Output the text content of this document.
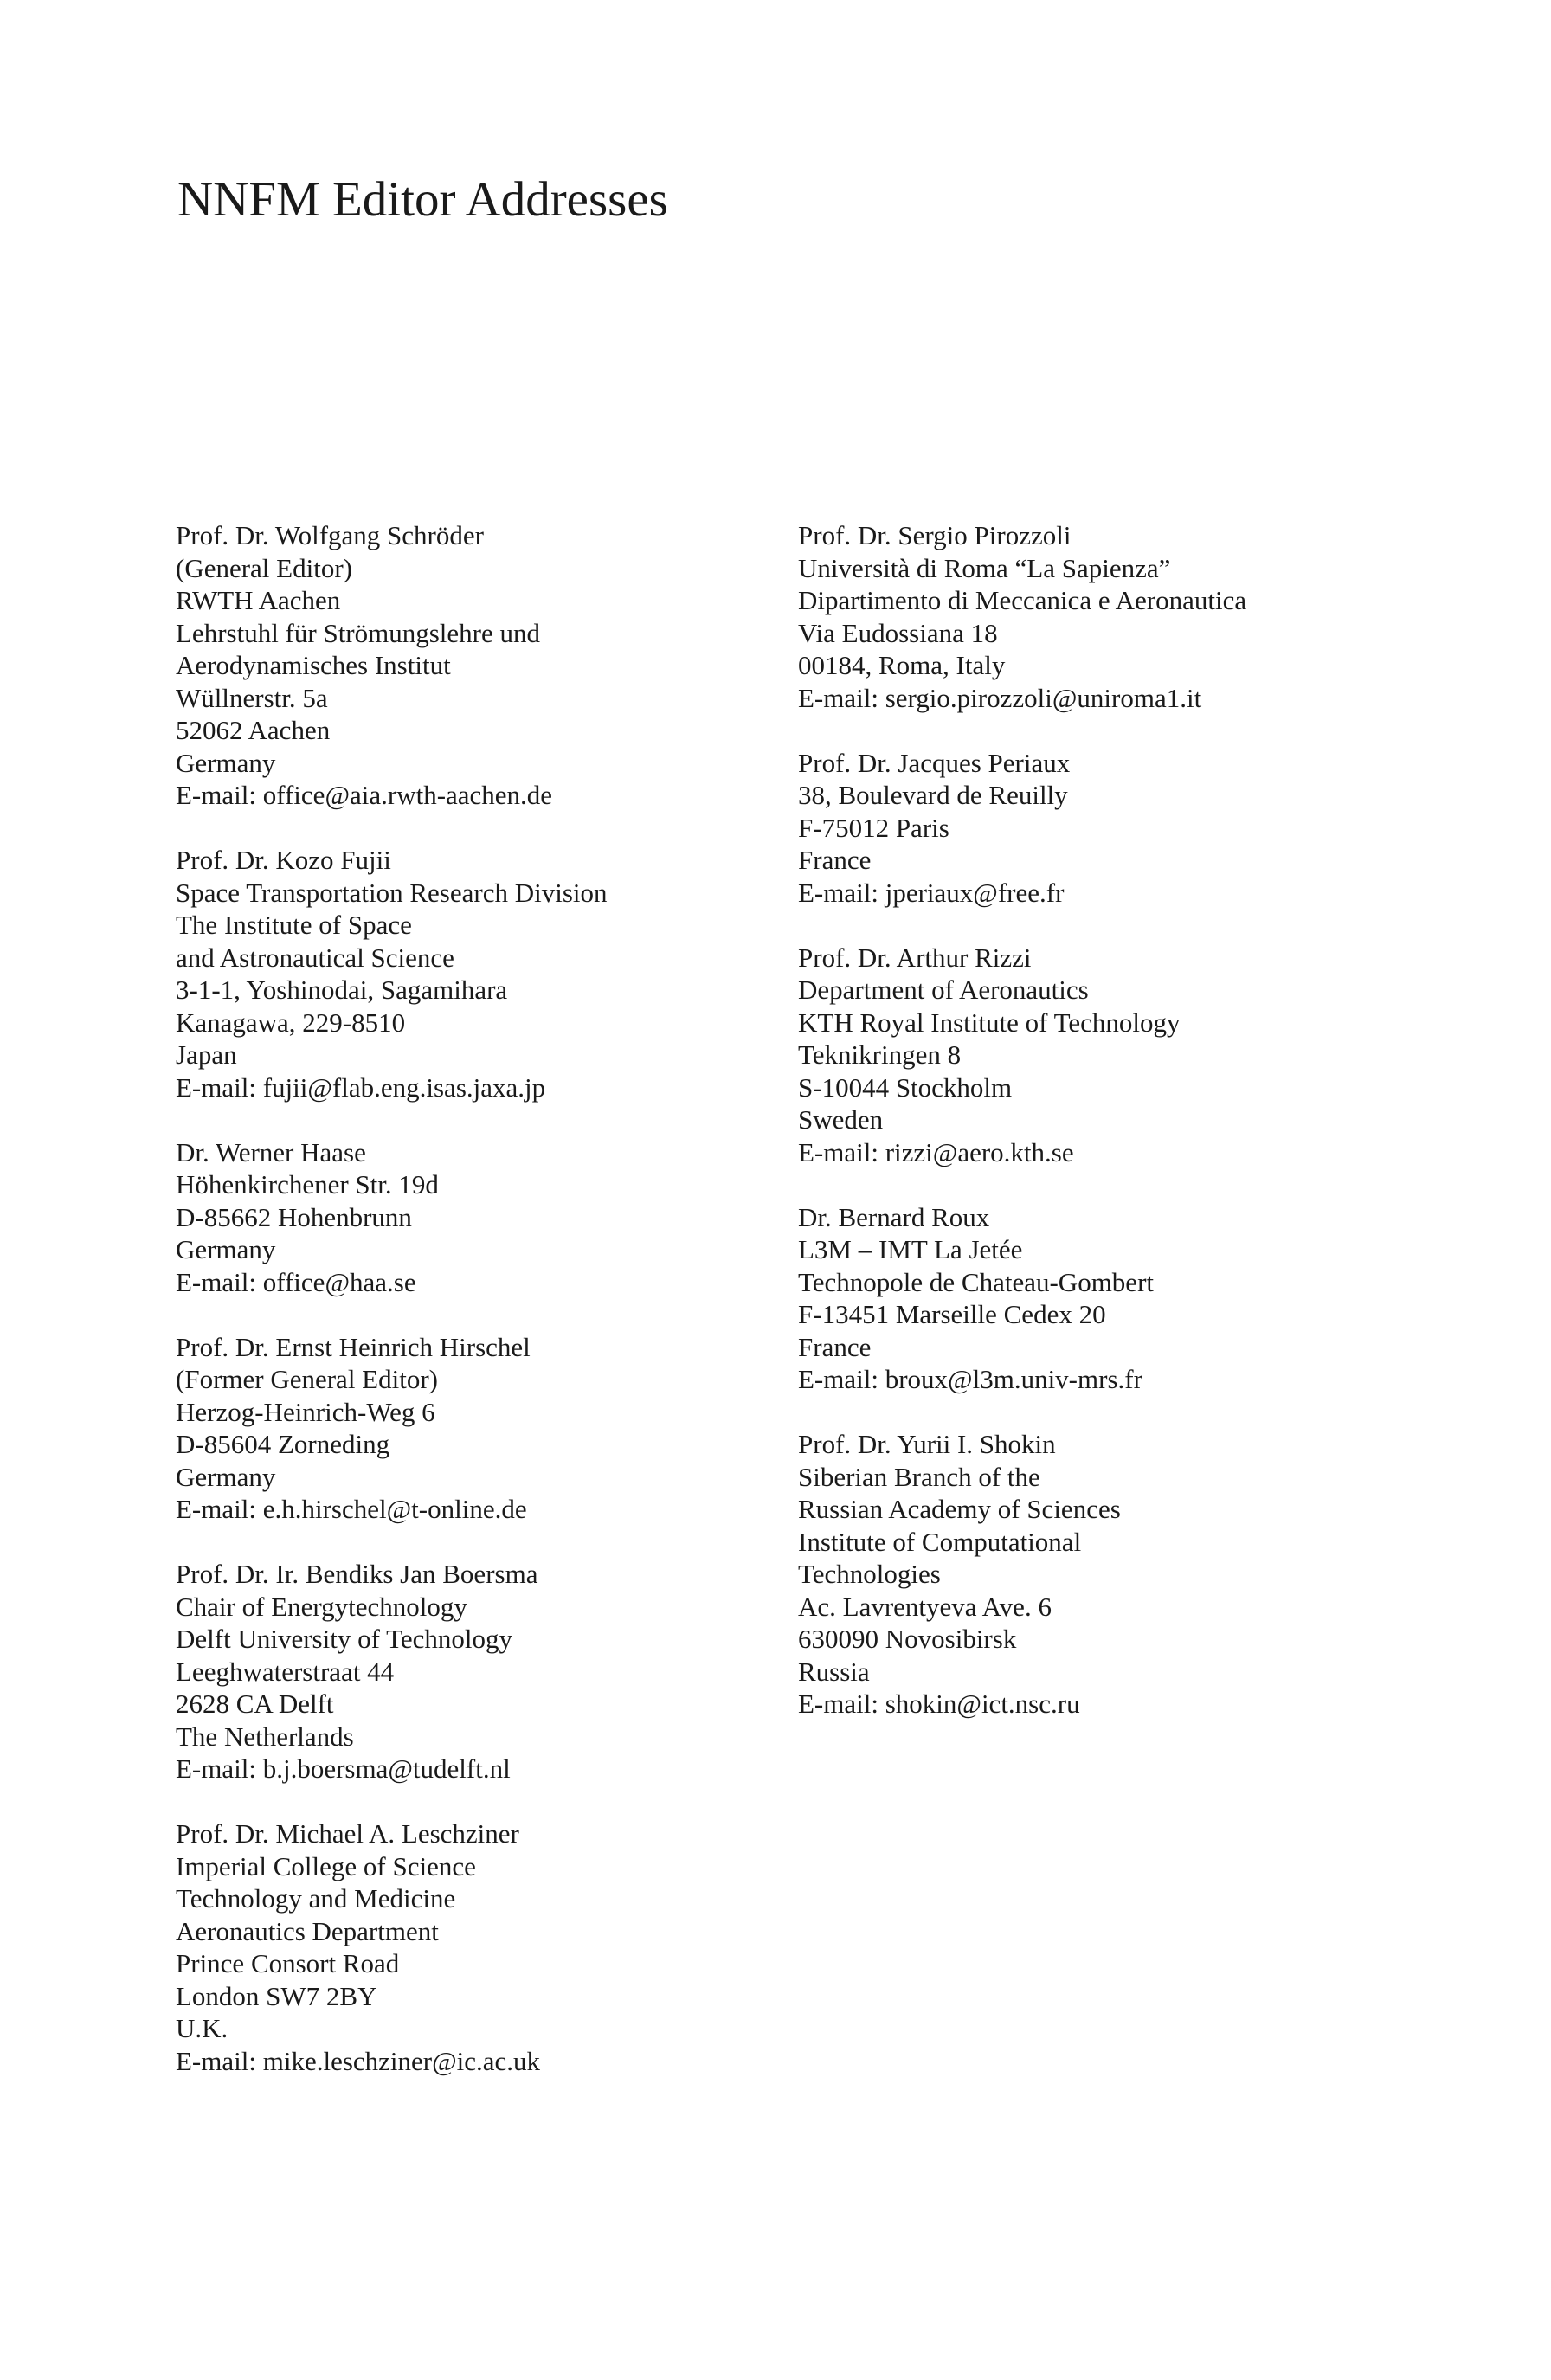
NNFM Editor Addresses
Prof. Dr. Wolfgang Schröder
(General Editor)
RWTH Aachen
Lehrstuhl für Strömungslehre und
Aerodynamisches Institut
Wüllnerstr. 5a
52062 Aachen
Germany
E-mail: office@aia.rwth-aachen.de
Prof. Dr. Kozo Fujii
Space Transportation Research Division
The Institute of Space
and Astronautical Science
3-1-1, Yoshinodai, Sagamihara
Kanagawa, 229-8510
Japan
E-mail: fujii@flab.eng.isas.jaxa.jp
Dr. Werner Haase
Höhenkirchener Str. 19d
D-85662 Hohenbrunn
Germany
E-mail: office@haa.se
Prof. Dr. Ernst Heinrich Hirschel
(Former General Editor)
Herzog-Heinrich-Weg 6
D-85604 Zorneding
Germany
E-mail: e.h.hirschel@t-online.de
Prof. Dr. Ir. Bendiks Jan Boersma
Chair of Energytechnology
Delft University of Technology
Leeghwaterstraat 44
2628 CA Delft
The Netherlands
E-mail: b.j.boersma@tudelft.nl
Prof. Dr. Michael A. Leschziner
Imperial College of Science
Technology and Medicine
Aeronautics Department
Prince Consort Road
London SW7 2BY
U.K.
E-mail: mike.leschziner@ic.ac.uk
Prof. Dr. Sergio Pirozzoli
Università di Roma “La Sapienza”
Dipartimento di Meccanica e Aeronautica
Via Eudossiana 18
00184, Roma, Italy
E-mail: sergio.pirozzoli@uniroma1.it
Prof. Dr. Jacques Periaux
38, Boulevard de Reuilly
F-75012 Paris
France
E-mail: jperiaux@free.fr
Prof. Dr. Arthur Rizzi
Department of Aeronautics
KTH Royal Institute of Technology
Teknikringen 8
S-10044 Stockholm
Sweden
E-mail: rizzi@aero.kth.se
Dr. Bernard Roux
L3M – IMT La Jetée
Technopole de Chateau-Gombert
F-13451 Marseille Cedex 20
France
E-mail: broux@l3m.univ-mrs.fr
Prof. Dr. Yurii I. Shokin
Siberian Branch of the
Russian Academy of Sciences
Institute of Computational
Technologies
Ac. Lavrentyeva Ave. 6
630090 Novosibirsk
Russia
E-mail: shokin@ict.nsc.ru
